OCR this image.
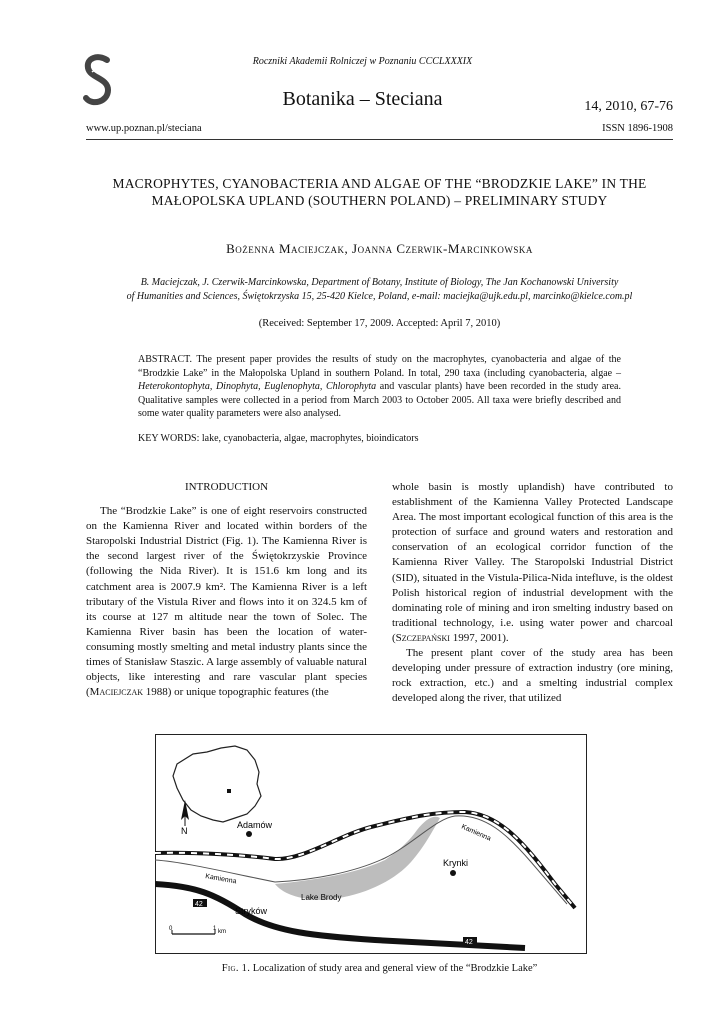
Roczniki Akademii Rolniczej w Poznaniu CCCLXXXIX
Botanika – Steciana	14, 2010, 67-76
www.up.poznan.pl/steciana	ISSN 1896-1908
MACROPHYTES, CYANOBACTERIA AND ALGAE OF THE “BRODZKIE LAKE” IN THE MAŁOPOLSKA UPLAND (SOUTHERN POLAND) – PRELIMINARY STUDY
Bożenna Maciejczak, Joanna Czerwik-Marcinkowska
B. Maciejczak, J. Czerwik-Marcinkowska, Department of Botany, Institute of Biology, The Jan Kochanowski University
of Humanities and Sciences, Świętokrzyska 15, 25-420 Kielce, Poland, e-mail: maciejka@ujk.edu.pl, marcinko@kielce.com.pl
(Received: September 17, 2009. Accepted: April 7, 2010)
ABSTRACT. The present paper provides the results of study on the macrophytes, cyanobacteria and algae of the “Brodzkie Lake” in the Małopolska Upland in southern Poland. In total, 290 taxa (including cyanobacteria, algae – Heterokontophyta, Dinophyta, Euglenophyta, Chlorophyta and vascular plants) have been recorded in the study area. Qualitative samples were collected in a period from March 2003 to October 2005. All taxa were briefly described and some water quality parameters were also analysed.
KEY WORDS: lake, cyanobacteria, algae, macrophytes, bioindicators
INTRODUCTION

The “Brodzkie Lake” is one of eight reservoirs constructed on the Kamienna River and located within borders of the Staropolski Industrial District (Fig. 1). The Kamienna River is the second largest river of the Świętokrzyskie Province (following the Nida River). It is 151.6 km long and its catchment area is 2007.9 km². The Kamienna River is a left tributary of the Vistula River and flows into it on 324.5 km of its course at 127 m altitude near the town of Solec. The Kamienna River basin has been the location of water-consuming mostly smelting and metal industry plants since the times of Stanisław Staszic. A large assembly of valuable natural objects, like interesting and rare vascular plant species (Maciejczak 1988) or unique topographic features (the

whole basin is mostly uplandish) have contributed to establishment of the Kamienna Valley Protected Landscape Area. The most important ecological function of this area is the protection of surface and ground waters and restoration and conservation of an ecological corridor function of the Kamienna River Valley. The Staropolski Industrial District (SID), situated in the Vistula-Pilica-Nida intefluve, is the oldest Polish historical region of industrial development with the dominating role of mining and iron smelting industry based on traditional technology, i.e. using water power and charcoal (Szczepański 1997, 2001).

The present plant cover of the study area has been developing under pressure of extraction industry (ore mining, rock extraction, etc.) and a smelting industrial complex developed along the river, that utilized

N
42
42
Adamów
Krynki
Kamienna
Kamienna
Lake Brody
Stryków
0	1 km
Fig. 1. Localization of study area and general view of the “Brodzkie Lake”
